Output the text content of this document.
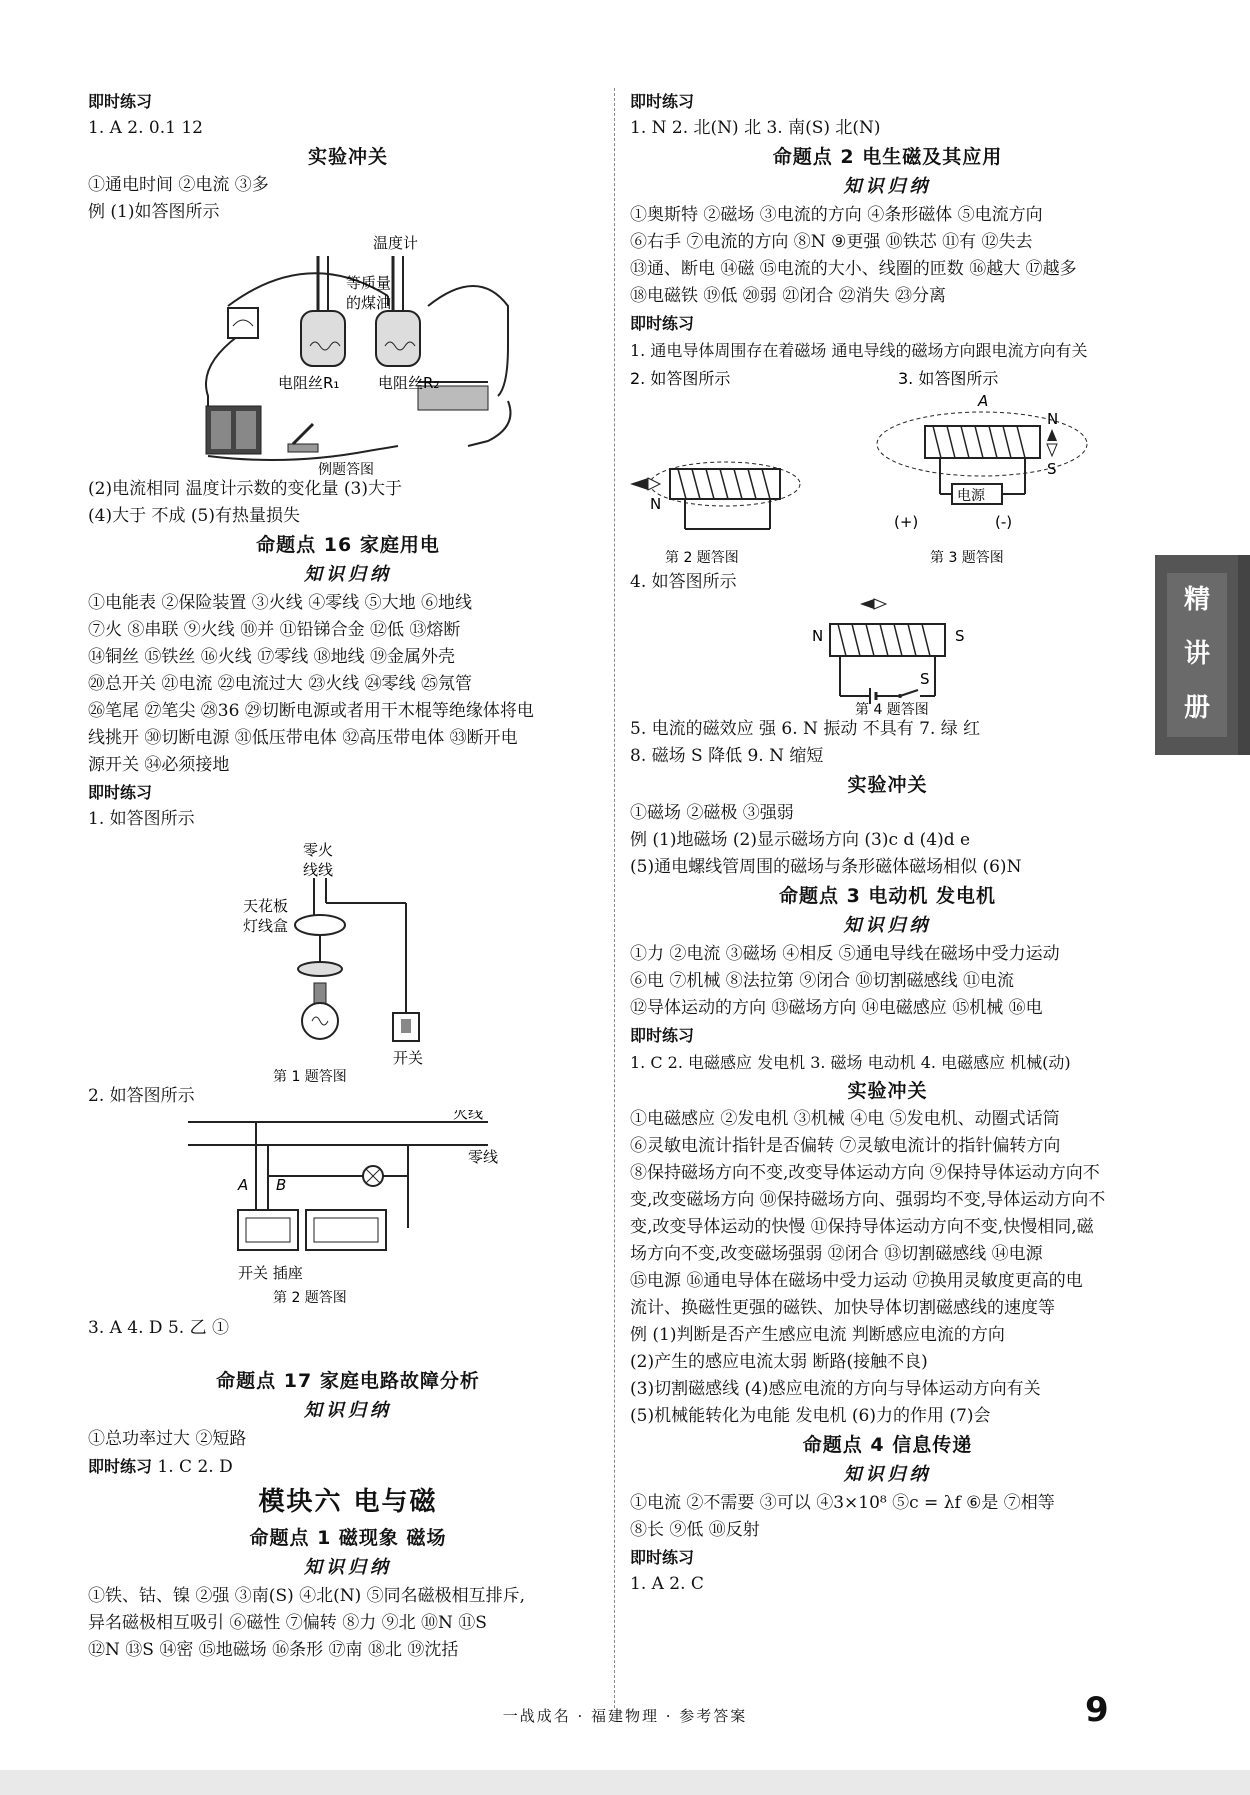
即时练习
1. A 2. 0.1 12
实验冲关
①通电时间 ②电流 ③多
例 (1)如答图所示
温度计
等质量
的煤油
电阻丝R₁	电阻丝R₂
例题答图
(2)电流相同 温度计示数的变化量 (3)大于
(4)大于 不成 (5)有热量损失
命题点 16 家庭用电
知识归纳
①电能表 ②保险装置 ③火线 ④零线 ⑤大地 ⑥地线
⑦火 ⑧串联 ⑨火线 ⑩并 ⑪铅锑合金 ⑫低 ⑬熔断
⑭铜丝 ⑮铁丝 ⑯火线 ⑰零线 ⑱地线 ⑲金属外壳
⑳总开关 ㉑电流 ㉒电流过大 ㉓火线 ㉔零线 ㉕氖管
㉖笔尾 ㉗笔尖 ㉘36 ㉙切断电源或者用干木棍等绝缘体将电
线挑开 ㉚切断电源 ㉛低压带电体 ㉜高压带电体 ㉝断开电
源开关 ㉞必须接地
即时练习
1. 如答图所示
零火
线线
天花板
灯线盒
开关
第 1 题答图
2. 如答图所示
火线
零线
A B
开关 插座
第 2 题答图
3. A 4. D 5. 乙 ①
命题点 17 家庭电路故障分析
知识归纳
①总功率过大 ②短路
即时练习 1. C 2. D
模块六 电与磁
命题点 1 磁现象 磁场
知识归纳
①铁、钴、镍 ②强 ③南(S) ④北(N) ⑤同名磁极相互排斥,
异名磁极相互吸引 ⑥磁性 ⑦偏转 ⑧力 ⑨北 ⑩N ⑪S
⑫N ⑬S ⑭密 ⑮地磁场 ⑯条形 ⑰南 ⑱北 ⑲沈括
即时练习
1. N 2. 北(N) 北 3. 南(S) 北(N)
命题点 2 电生磁及其应用
知识归纳
①奥斯特 ②磁场 ③电流的方向 ④条形磁体 ⑤电流方向
⑥右手 ⑦电流的方向 ⑧N ⑨更强 ⑩铁芯 ⑪有 ⑫失去
⑬通、断电 ⑭磁 ⑮电流的大小、线圈的匝数 ⑯越大 ⑰越多
⑱电磁铁 ⑲低 ⑳弱 ㉑闭合 ㉒消失 ㉓分离
即时练习
1. 通电导体周围存在着磁场 通电导线的磁场方向跟电流方向有关
2. 如答图所示	3. 如答图所示
N
第 2 题答图
A
电源
N
S
(+)	(-)
第 3 题答图
4. 如答图所示
N	S
S
第 4 题答图
5. 电流的磁效应 强 6. N 振动 不具有 7. 绿 红
8. 磁场 S 降低 9. N 缩短
实验冲关
①磁场 ②磁极 ③强弱
例 (1)地磁场 (2)显示磁场方向 (3)c d (4)d e
(5)通电螺线管周围的磁场与条形磁体磁场相似 (6)N
命题点 3 电动机 发电机
知识归纳
①力 ②电流 ③磁场 ④相反 ⑤通电导线在磁场中受力运动
⑥电 ⑦机械 ⑧法拉第 ⑨闭合 ⑩切割磁感线 ⑪电流
⑫导体运动的方向 ⑬磁场方向 ⑭电磁感应 ⑮机械 ⑯电
即时练习
1. C 2. 电磁感应 发电机 3. 磁场 电动机 4. 电磁感应 机械(动)
实验冲关
①电磁感应 ②发电机 ③机械 ④电 ⑤发电机、动圈式话筒
⑥灵敏电流计指针是否偏转 ⑦灵敏电流计的指针偏转方向
⑧保持磁场方向不变,改变导体运动方向 ⑨保持导体运动方向不
变,改变磁场方向 ⑩保持磁场方向、强弱均不变,导体运动方向不
变,改变导体运动的快慢 ⑪保持导体运动方向不变,快慢相同,磁
场方向不变,改变磁场强弱 ⑫闭合 ⑬切割磁感线 ⑭电源
⑮电源 ⑯通电导体在磁场中受力运动 ⑰换用灵敏度更高的电
流计、换磁性更强的磁铁、加快导体切割磁感线的速度等
例 (1)判断是否产生感应电流 判断感应电流的方向
(2)产生的感应电流太弱 断路(接触不良)
(3)切割磁感线 (4)感应电流的方向与导体运动方向有关
(5)机械能转化为电能 发电机 (6)力的作用 (7)会
命题点 4 信息传递
知识归纳
①电流 ②不需要 ③可以 ④3×10⁸ ⑤c = λf ⑥是 ⑦相等
⑧长 ⑨低 ⑩反射
即时练习
1. A 2. C
精
讲
册
一战成名 · 福建物理 · 参考答案	9
